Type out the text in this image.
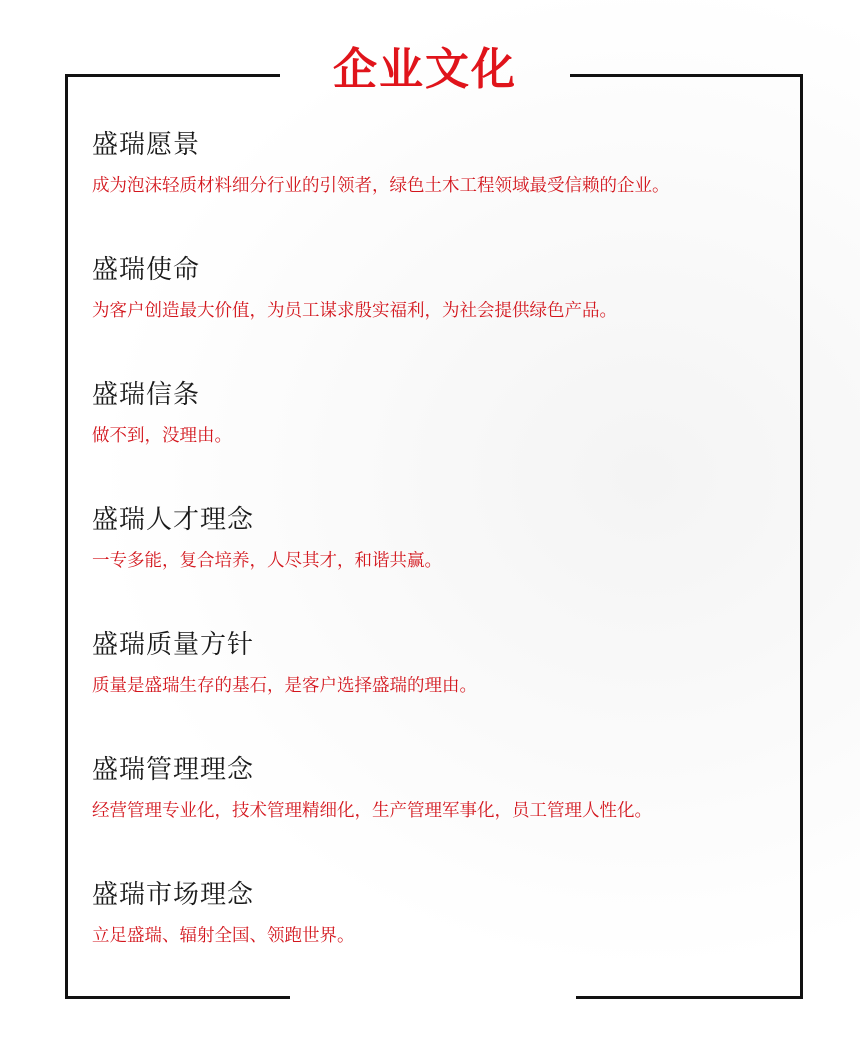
企业文化
盛瑞愿景

成为泡沫轻质材料细分行业的引领者，绿色土木工程领域最受信赖的企业。

盛瑞使命

为客户创造最大价值，为员工谋求殷实福利，为社会提供绿色产品。

盛瑞信条

做不到，没理由。

盛瑞人才理念

一专多能，复合培养，人尽其才，和谐共赢。

盛瑞质量方针

质量是盛瑞生存的基石，是客户选择盛瑞的理由。

盛瑞管理理念

经营管理专业化，技术管理精细化，生产管理军事化，员工管理人性化。

盛瑞市场理念

立足盛瑞、辐射全国、领跑世界。
